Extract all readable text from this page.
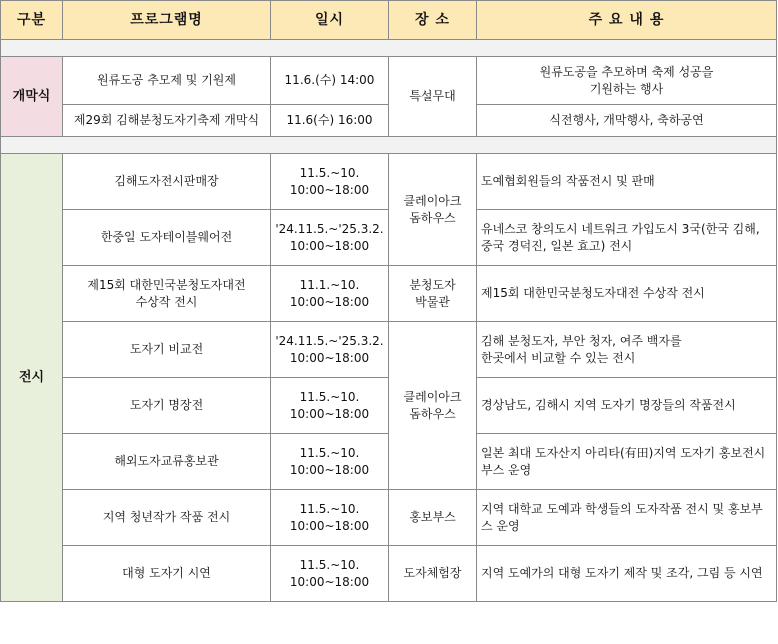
구분	프로그램명	일시	장 소	주 요 내 용

개막식	원류도공 추모제 및 기원제	11.6.(수) 14:00	특설무대	원류도공을 추모하며 축제 성공을
기원하는 행사
	제29회 김해분청도자기축제 개막식	11.6(수) 16:00		식전행사, 개막행사, 축하공연

전시	김해도자전시판매장	11.5.~10.
10:00~18:00	클레이아크
돔하우스	도예협회원들의 작품전시 및 판매
	한중일 도자테이블웨어전	'24.11.5.~'25.3.2.
10:00~18:00		유네스코 창의도시 네트워크 가입도시 3국(한국 김해, 중국 경덕진, 일본 효고) 전시
	제15회 대한민국분청도자대전
수상작 전시	11.1.~10.
10:00~18:00	분청도자
박물관	제15회 대한민국분청도자대전 수상작 전시
	도자기 비교전	'24.11.5.~'25.3.2.
10:00~18:00	클레이아크
돔하우스	김해 분청도자, 부안 청자, 여주 백자를
한곳에서 비교할 수 있는 전시
	도자기 명장전	11.5.~10.
10:00~18:00		경상남도, 김해시 지역 도자기 명장들의 작품전시
	해외도자교류홍보관	11.5.~10.
10:00~18:00		일본 최대 도자산지 아리타(有田)지역 도자기 홍보전시부스 운영
	지역 청년작가 작품 전시	11.5.~10.
10:00~18:00	홍보부스	지역 대학교 도예과 학생들의 도자작품 전시 및 홍보부스 운영
	대형 도자기 시연	11.5.~10.
10:00~18:00	도자체험장	지역 도예가의 대형 도자기 제작 및 조각, 그림 등 시연
